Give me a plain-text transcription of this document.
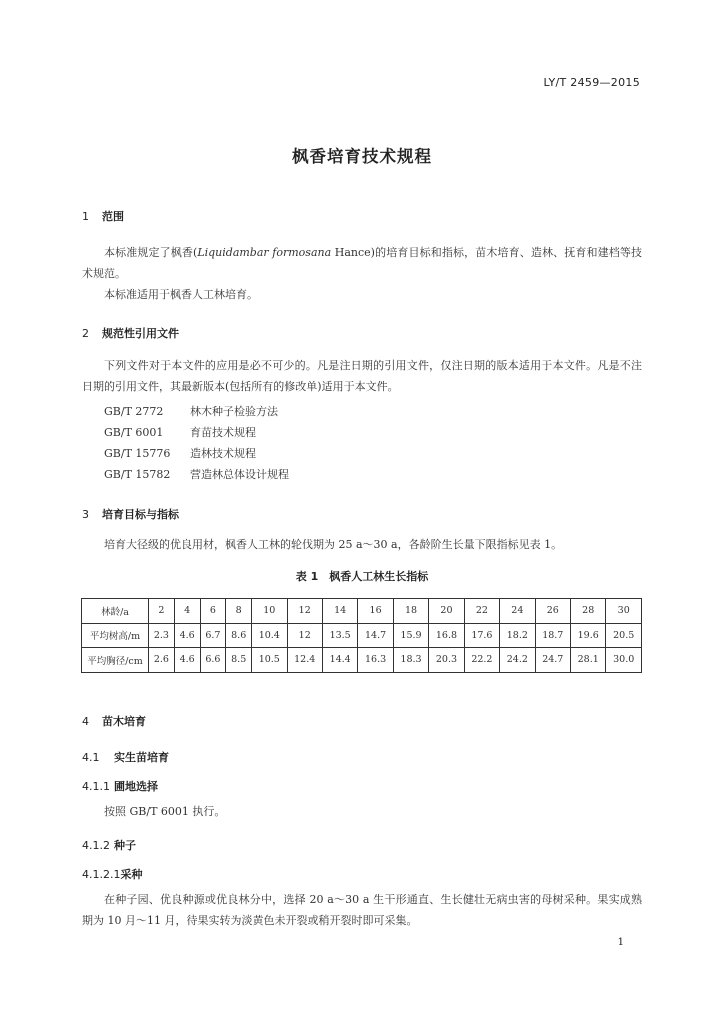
LY/T 2459—2015
枫香培育技术规程
1 范围
本标准规定了枫香(Liquidambar formosana Hance)的培育目标和指标，苗木培育、造林、抚育和建档等技术规范。
本标准适用于枫香人工林培育。
2 规范性引用文件
下列文件对于本文件的应用是必不可少的。凡是注日期的引用文件，仅注日期的版本适用于本文件。凡是不注日期的引用文件，其最新版本(包括所有的修改单)适用于本文件。
GB/T 2772 林木种子检验方法
GB/T 6001 育苗技术规程
GB/T 15776 造林技术规程
GB/T 15782 营造林总体设计规程
3 培育目标与指标
培育大径级的优良用材，枫香人工林的轮伐期为 25 a～30 a，各龄阶生长量下限指标见表 1。
表 1　枫香人工林生长指标
林龄/a	2	4	6	8	10	12	14	16	18	20	22	24	26	28	30
平均树高/m	2.3	4.6	6.7	8.6	10.4	12	13.5	14.7	15.9	16.8	17.6	18.2	18.7	19.6	20.5
平均胸径/cm	2.6	4.6	6.6	8.5	10.5	12.4	14.4	16.3	18.3	20.3	22.2	24.2	24.7	28.1	30.0
4 苗木培育
4.1 实生苗培育
4.1.1 圃地选择
按照 GB/T 6001 执行。
4.1.2 种子
4.1.2.1采种
在种子园、优良种源或优良林分中，选择 20 a～30 a 生干形通直、生长健壮无病虫害的母树采种。果实成熟期为 10 月～11 月，待果实转为淡黄色未开裂或稍开裂时即可采集。
1
